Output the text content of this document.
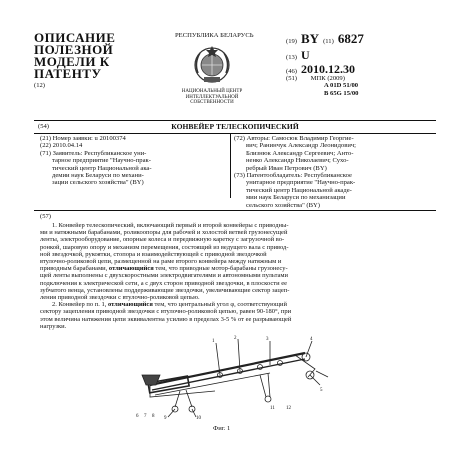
ОПИСАНИЕ
ПОЛЕЗНОЙ
МОДЕЛИ К
ПАТЕНТУ
(12)
РЕСПУБЛИКА БЕЛАРУСЬ
НАЦИОНАЛЬНЫЙ ЦЕНТР
ИНТЕЛЛЕКТУАЛЬНОЙ
СОБСТВЕННОСТИ
(19) BY (11) 6827
(13) U
(46) 2010.12.30
(51) МПК (2009)
A 01D 51/00
B 65G 15/00
(54)	КОНВЕЙЕР ТЕЛЕСКОПИЧЕСКИЙ
(21) Номер заявки: u 20100374
(22) 2010.04.14
(71) Заявитель: Республиканское уни-
тарное предприятие "Научно-прак-
тический центр Национальной ака-
демии наук Беларуси по механи-
зации сельского хозяйства" (BY)
(72) Авторы: Самосюк Владимир Георгие-
вич; Ранинчук Александр Леонидович;
Близнюк Александр Сергеевич; Анто-
ненко Александр Николаевич; Сухо-
ребрый Иван Петрович (BY)
(73) Патентообладатель: Республиканское
унитарное предприятие "Научно-прак-
тический центр Национальной акаде-
мии наук Беларуси по механизации
сельского хозяйства" (BY)
(57)
1. Конвейер телескопический, включающий первый и второй конвейеры с приводны-
ми и натяжными барабанами, роликоопоры для рабочей и холостой ветвей грузонесущей
ленты, электрооборудование, опорные колеса и передвижную каретку с загрузочной во-
ронкой, шаровую опору и механизм перемещения, состоящий из ведущего вала с привод-
ной звездочкой, рукоятки, стопора и взаимодействующей с приводной звездочкой
втулочно-роликовой цепи, размещенной на раме второго конвейера между натяжным и
приводным барабанами, отличающийся тем, что приводные мотор-барабаны грузонесу-
щей ленты выполнены с двухскоростными электродвигателями и автономными пультами
подключения к электрической сети, а с двух сторон приводной звездочки, в плоскости ее
зубчатого венца, установлены поддерживающие звездочки, увеличивающие сектор зацеп-
ления приводной звездочки с втулочно-роликовой цепью.
2. Конвейер по п. 1, отличающийся тем, что центральный угол φ, соответствующий
сектору зацепления приводной звездочки с втулочно-роликовой цепью, равен 90-180°, при
этом величина натяжения цепи эквивалентна усилию в пределах 3-5 % от ее разрывающей
нагрузки.
1
2	3	4
5
6 7 8 9	10
11 12
Фиг. 1
